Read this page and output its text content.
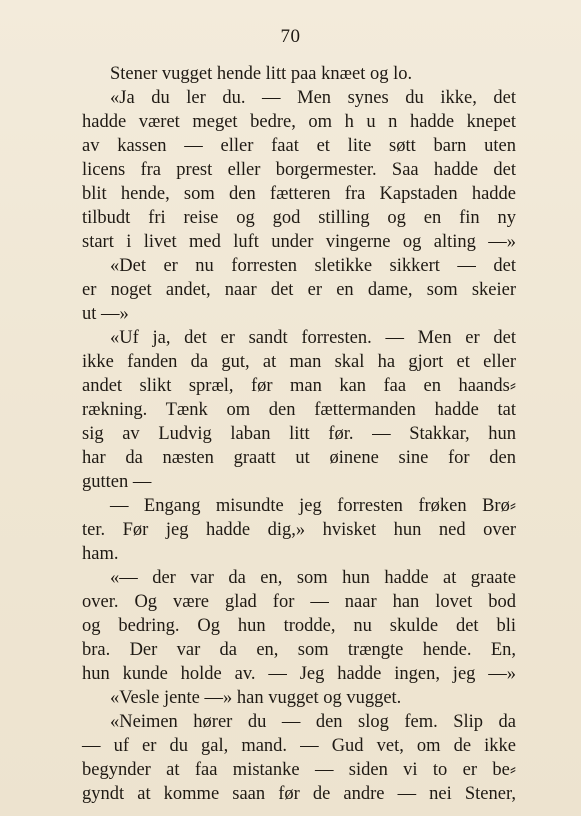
70
Stener vugget hende litt paa knæet og lo.
«Ja du ler du. — Men synes du ikke, det
hadde været meget bedre, om h u n hadde knepet
av kassen — eller faat et lite søtt barn uten
licens fra prest eller borgermester. Saa hadde det
blit hende, som den fætteren fra Kapstaden hadde
tilbudt fri reise og god stilling og en fin ny
start i livet med luft under vingerne og alting —»
«Det er nu forresten sletikke sikkert — det
er noget andet, naar det er en dame, som skeier
ut —»
«Uf ja, det er sandt forresten. — Men er det
ikke fanden da gut, at man skal ha gjort et eller
andet slikt spræl, før man kan faa en haands⸗
rækning. Tænk om den fættermanden hadde tat
sig av Ludvig laban litt før. — Stakkar, hun
har da næsten graatt ut øinene sine for den
gutten —
— Engang misundte jeg forresten frøken Brø⸗
ter. Før jeg hadde dig,» hvisket hun ned over
ham.
«— der var da en, som hun hadde at graate
over. Og være glad for — naar han lovet bod
og bedring. Og hun trodde, nu skulde det bli
bra. Der var da en, som trængte hende. En,
hun kunde holde av. — Jeg hadde ingen, jeg —»
«Vesle jente —» han vugget og vugget.
«Neimen hører du — den slog fem. Slip da
— uf er du gal, mand. — Gud vet, om de ikke
begynder at faa mistanke — siden vi to er be⸗
gyndt at komme saan før de andre — nei Stener,
